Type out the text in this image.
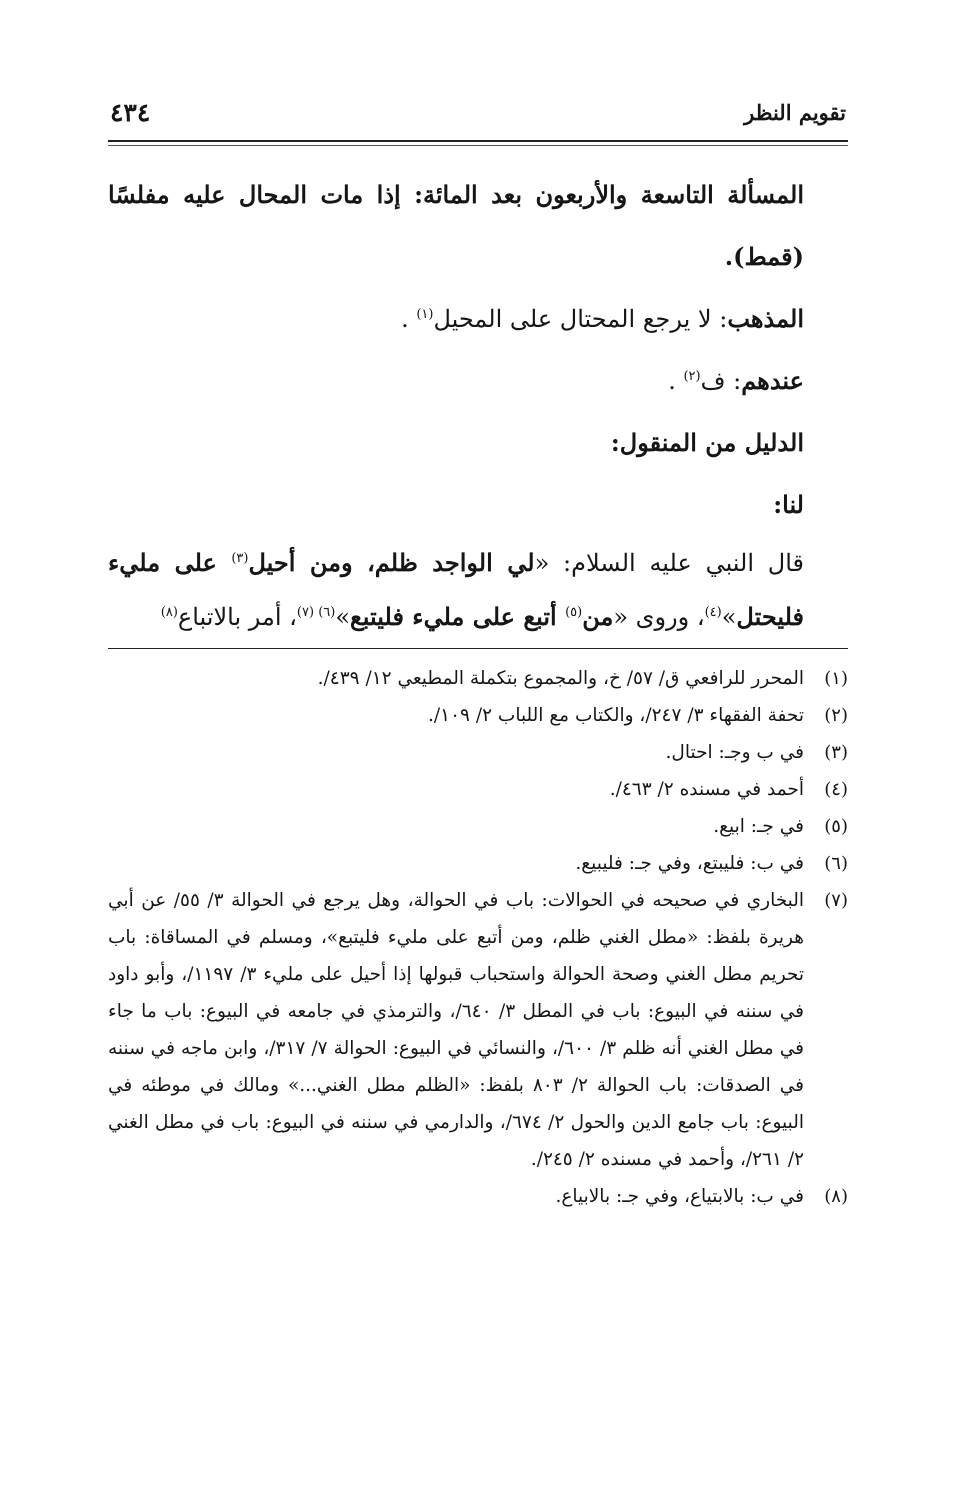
٤٣٤	تقويم النظر

المسألة التاسعة والأربعون بعد المائة: إذا مات المحال عليه مفلسًا (قمط).

المذهب: لا يرجع المحتال على المحيل$^{(١)}$ .

عندهم: ف$^{(٢)}$ .

الدليل من المنقول:

لنا:

قال النبي عليه السلام: «لي الواجد ظلم، ومن أحيل$^{(٣)}$ على مليء فليحتل»$^{(٤)}$، وروى «من$^{(٥)}$ أتبع على مليء فليتبع»$^{(٦) (٧)}$، أمر بالاتباع$^{(٨)}$

(١)
المحرر للرافعي ق/ ٥٧/ خ، والمجموع بتكملة المطيعي ١٢/ ٤٣٩/.
(٢)
تحفة الفقهاء ٣/ ٢٤٧/، والكتاب مع اللباب ٢/ ١٠٩/.
(٣)
في ب وجـ: احتال.
(٤)
أحمد في مسنده ٢/ ٤٦٣/.
(٥)
في جـ: ابيع.
(٦)
في ب: فليبتع، وفي جـ: فليبيع.
(٧)
البخاري في صحيحه في الحوالات: باب في الحوالة، وهل يرجع في الحوالة ٣/ ٥٥/ عن أبي هريرة بلفظ: «مطل الغني ظلم، ومن أتبع على مليء فليتبع»، ومسلم في المساقاة: باب تحريم مطل الغني وصحة الحوالة واستحباب قبولها إذا أحيل على مليء ٣/ ١١٩٧/، وأبو داود في سننه في البيوع: باب في المطل ٣/ ٦٤٠/، والترمذي في جامعه في البيوع: باب ما جاء في مطل الغني أنه ظلم ٣/ ٦٠٠/، والنسائي في البيوع: الحوالة ٧/ ٣١٧/، وابن ماجه في سننه في الصدقات: باب الحوالة ٢/ ٨٠٣ بلفظ: «الظلم مطل الغني...» ومالك في موطئه في البيوع: باب جامع الدين والحول ٢/ ٦٧٤/، والدارمي في سننه في البيوع: باب في مطل الغني ٢/ ٢٦١/، وأحمد في مسنده ٢/ ٢٤٥/.
(٨)
في ب: بالابتياع، وفي جـ: بالابياع.
